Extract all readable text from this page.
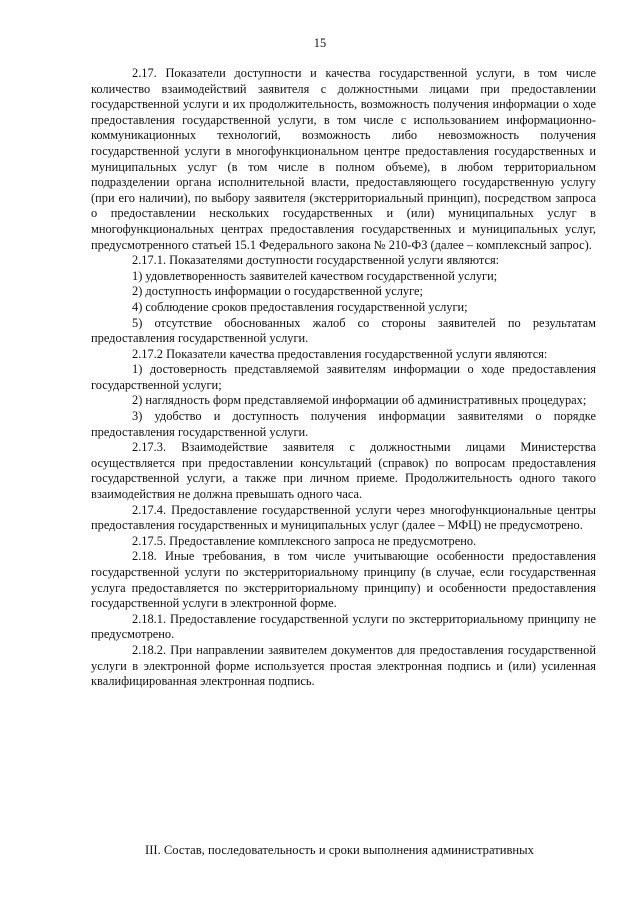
15

2.17. Показатели доступности и качества государственной услуги, в том числе количество взаимодействий заявителя с должностными лицами при предоставлении государственной услуги и их продолжительность, возможность получения информации о ходе предоставления государственной услуги, в том числе с использованием информационно-коммуникационных технологий, возможность либо невозможность получения государственной услуги в многофункциональном центре предоставления государственных и муниципальных услуг (в том числе в полном объеме), в любом территориальном подразделении органа исполнительной власти, предоставляющего государственную услугу (при его наличии), по выбору заявителя (экстерриториальный принцип), посредством запроса о предоставлении нескольких государственных и (или) муниципальных услуг в многофункциональных центрах предоставления государственных и муниципальных услуг, предусмотренного статьей 15.1 Федерального закона № 210-ФЗ (далее – комплексный запрос).

2.17.1. Показателями доступности государственной услуги являются:

1) удовлетворенность заявителей качеством государственной услуги;

2) доступность информации о государственной услуге;

4) соблюдение сроков предоставления государственной услуги;

5) отсутствие обоснованных жалоб со стороны заявителей по результатам предоставления государственной услуги.

2.17.2 Показатели качества предоставления государственной услуги являются:

1) достоверность представляемой заявителям информации о ходе предоставления государственной услуги;

2) наглядность форм представляемой информации об административных процедурах;

3) удобство и доступность получения информации заявителями о порядке предоставления государственной услуги.

2.17.3. Взаимодействие заявителя с должностными лицами Министерства осуществляется при предоставлении консультаций (справок) по вопросам предоставления государственной услуги, а также при личном приеме. Продолжительность одного такого взаимодействия не должна превышать одного часа.

2.17.4. Предоставление государственной услуги через многофункциональные центры предоставления государственных и муниципальных услуг (далее – МФЦ) не предусмотрено.

2.17.5. Предоставление комплексного запроса не предусмотрено.

2.18. Иные требования, в том числе учитывающие особенности предоставления государственной услуги по экстерриториальному принципу (в случае, если государственная услуга предоставляется по экстерриториальному принципу) и особенности предоставления государственной услуги в электронной форме.

2.18.1. Предоставление государственной услуги по экстерриториальному принципу не предусмотрено.

2.18.2. При направлении заявителем документов для предоставления государственной услуги в электронной форме используется простая электронная подпись и (или) усиленная квалифицированная электронная подпись.

III. Состав, последовательность и сроки выполнения административных
